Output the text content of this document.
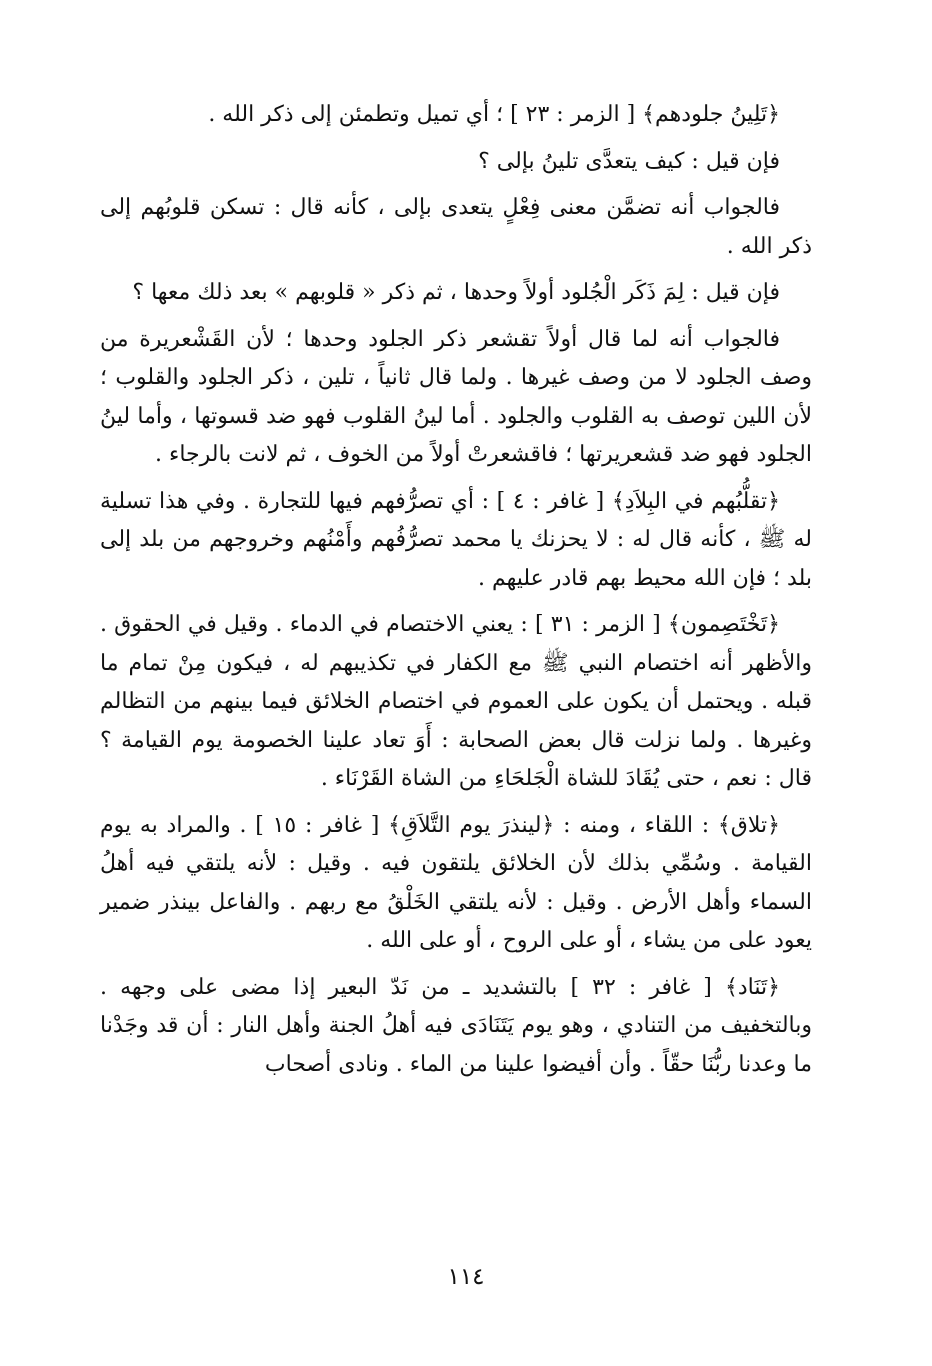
﴿تَلِينُ جلودهم﴾ [ الزمر : ٢٣ ] ؛ أي تميل وتطمئن إلى ذكر الله .

فإن قيل : كيف يتعدَّى تلينُ بإلى ؟

فالجواب أنه تضمَّن معنى فِعْلٍ يتعدى بإلى ، كأنه قال : تسكن قلوبُهم إلى ذكر الله .

فإن قيل : لِمَ ذَكَر الْجُلود أولاً وحدها ، ثم ذكر « قلوبهم » بعد ذلك معها ؟

فالجواب أنه لما قال أولاً تقشعر ذكر الجلود وحدها ؛ لأن القَشْعريرة من وصف الجلود لا من وصف غيرها . ولما قال ثانياً ، تلين ، ذكر الجلود والقلوب ؛ لأن اللين توصف به القلوب والجلود . أما لينُ القلوب فهو ضد قسوتها ، وأما لينُ الجلود فهو ضد قشعريرتها ؛ فاقشعرتْ أولاً من الخوف ، ثم لانت بالرجاء .

﴿تقلُّبُهم في البِلاَدِ﴾ [ غافر : ٤ ] : أي تصرُّفهم فيها للتجارة . وفي هذا تسلية له ﷺ ، كأنه قال له : لا يحزنك يا محمد تصرُّفُهم وأَمْنُهم وخروجهم من بلد إلى بلد ؛ فإن الله محيط بهم قادر عليهم .

﴿تَخْتَصِمون﴾ [ الزمر : ٣١ ] : يعني الاختصام في الدماء . وقيل في الحقوق . والأظهر أنه اختصام النبي ﷺ مع الكفار في تكذيبهم له ، فيكون مِنْ تمام ما قبله . ويحتمل أن يكون على العموم في اختصام الخلائق فيما بينهم من التظالم وغيرها . ولما نزلت قال بعض الصحابة : أَوَ تعاد علينا الخصومة يوم القيامة ؟ قال : نعم ، حتى يُقَادَ للشاة الْجَلحَاءِ من الشاة القَرْنَاء .

﴿تلاق﴾ : اللقاء ، ومنه : ﴿لينذرَ يوم التَّلاَقِ﴾ [ غافر : ١٥ ] . والمراد به يوم القيامة . وسُمِّي بذلك لأن الخلائق يلتقون فيه . وقيل : لأنه يلتقي فيه أهلُ السماء وأهل الأرض . وقيل : لأنه يلتقي الخَلْقُ مع ربهم . والفاعل بينذر ضمير يعود على من يشاء ، أو على الروح ، أو على الله .

﴿تَنَاد﴾ [ غافر : ٣٢ ] بالتشديد ـ من نَدّ البعير إذا مضى على وجهه . وبالتخفيف من التنادي ، وهو يوم يَتَنَادَى فيه أهلُ الجنة وأهل النار : أن قد وجَدْنا ما وعدنا ربُّنَا حقّاً . وأن أفيضوا علينا من الماء . ونادى أصحاب

١١٤
